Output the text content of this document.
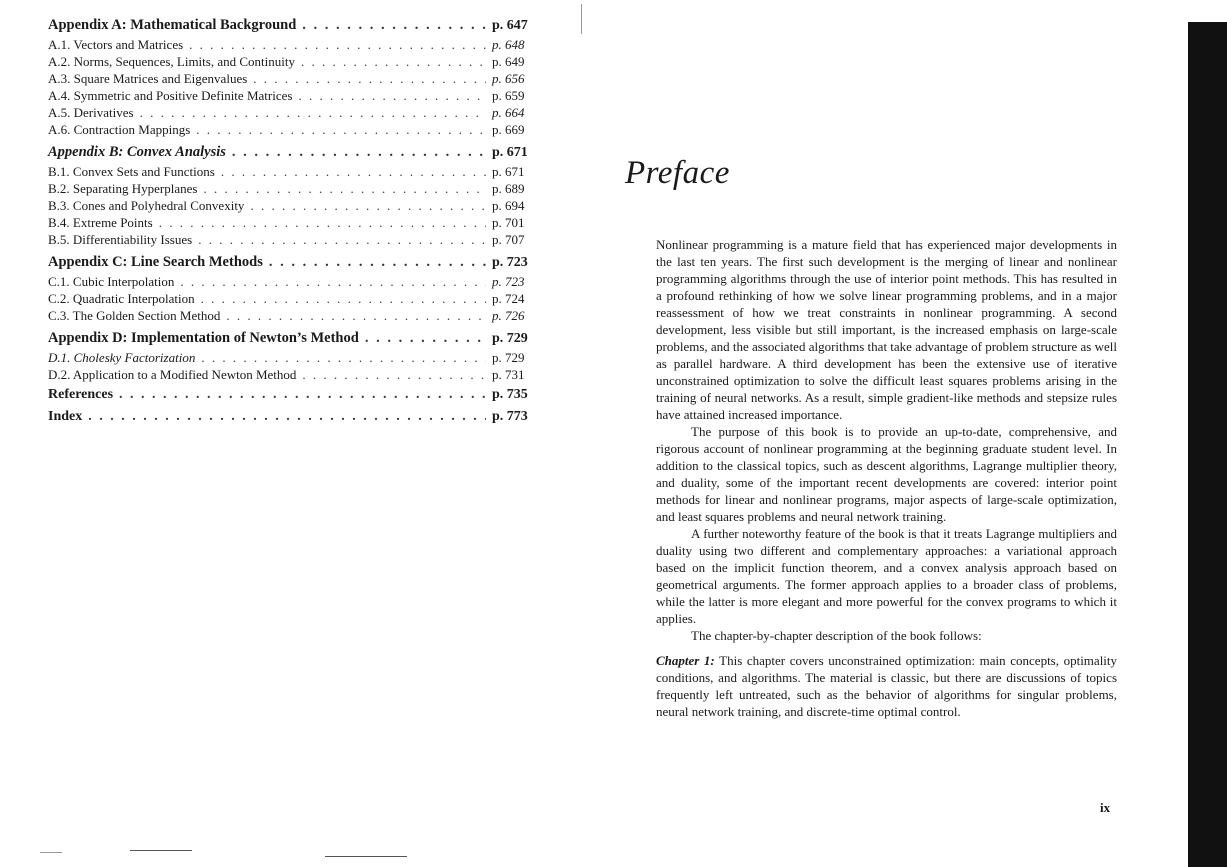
Appendix A: Mathematical Background . . .	p. 647
A.1. Vectors and Matrices . . .	p. 648
A.2. Norms, Sequences, Limits, and Continuity . . .	p. 649
A.3. Square Matrices and Eigenvalues . . .	p. 656
A.4. Symmetric and Positive Definite Matrices . . .	p. 659
A.5. Derivatives . . .	p. 664
A.6. Contraction Mappings . . .	p. 669
Appendix B: Convex Analysis . . .	p. 671
B.1. Convex Sets and Functions . . .	p. 671
B.2. Separating Hyperplanes . . .	p. 689
B.3. Cones and Polyhedral Convexity . . .	p. 694
B.4. Extreme Points . . .	p. 701
B.5. Differentiability Issues . . .	p. 707
Appendix C: Line Search Methods . . .	p. 723
C.1. Cubic Interpolation . . .	p. 723
C.2. Quadratic Interpolation . . .	p. 724
C.3. The Golden Section Method . . .	p. 726
Appendix D: Implementation of Newton’s Method . . .	p. 729
D.1. Cholesky Factorization . . .	p. 729
D.2. Application to a Modified Newton Method . . .	p. 731
References . . .	p. 735
Index . . .	p. 773
Preface

Nonlinear programming is a mature field that has experienced major developments in the last ten years. The first such development is the merging of linear and nonlinear programming algorithms through the use of interior point methods. This has resulted in a profound rethinking of how we solve linear programming problems, and in a major reassessment of how we treat constraints in nonlinear programming. A second development, less visible but still important, is the increased emphasis on large-scale problems, and the associated algorithms that take advantage of problem structure as well as parallel hardware. A third development has been the extensive use of iterative unconstrained optimization to solve the difficult least squares problems arising in the training of neural networks. As a result, simple gradient-like methods and stepsize rules have attained increased importance.

The purpose of this book is to provide an up-to-date, comprehensive, and rigorous account of nonlinear programming at the beginning graduate student level. In addition to the classical topics, such as descent algorithms, Lagrange multiplier theory, and duality, some of the important recent developments are covered: interior point methods for linear and nonlinear programs, major aspects of large-scale optimization, and least squares problems and neural network training.

A further noteworthy feature of the book is that it treats Lagrange multipliers and duality using two different and complementary approaches: a variational approach based on the implicit function theorem, and a convex analysis approach based on geometrical arguments. The former approach applies to a broader class of problems, while the latter is more elegant and more powerful for the convex programs to which it applies.

The chapter-by-chapter description of the book follows:

Chapter 1: This chapter covers unconstrained optimization: main concepts, optimality conditions, and algorithms. The material is classic, but there are discussions of topics frequently left untreated, such as the behavior of algorithms for singular problems, neural network training, and discrete-time optimal control.

ix
